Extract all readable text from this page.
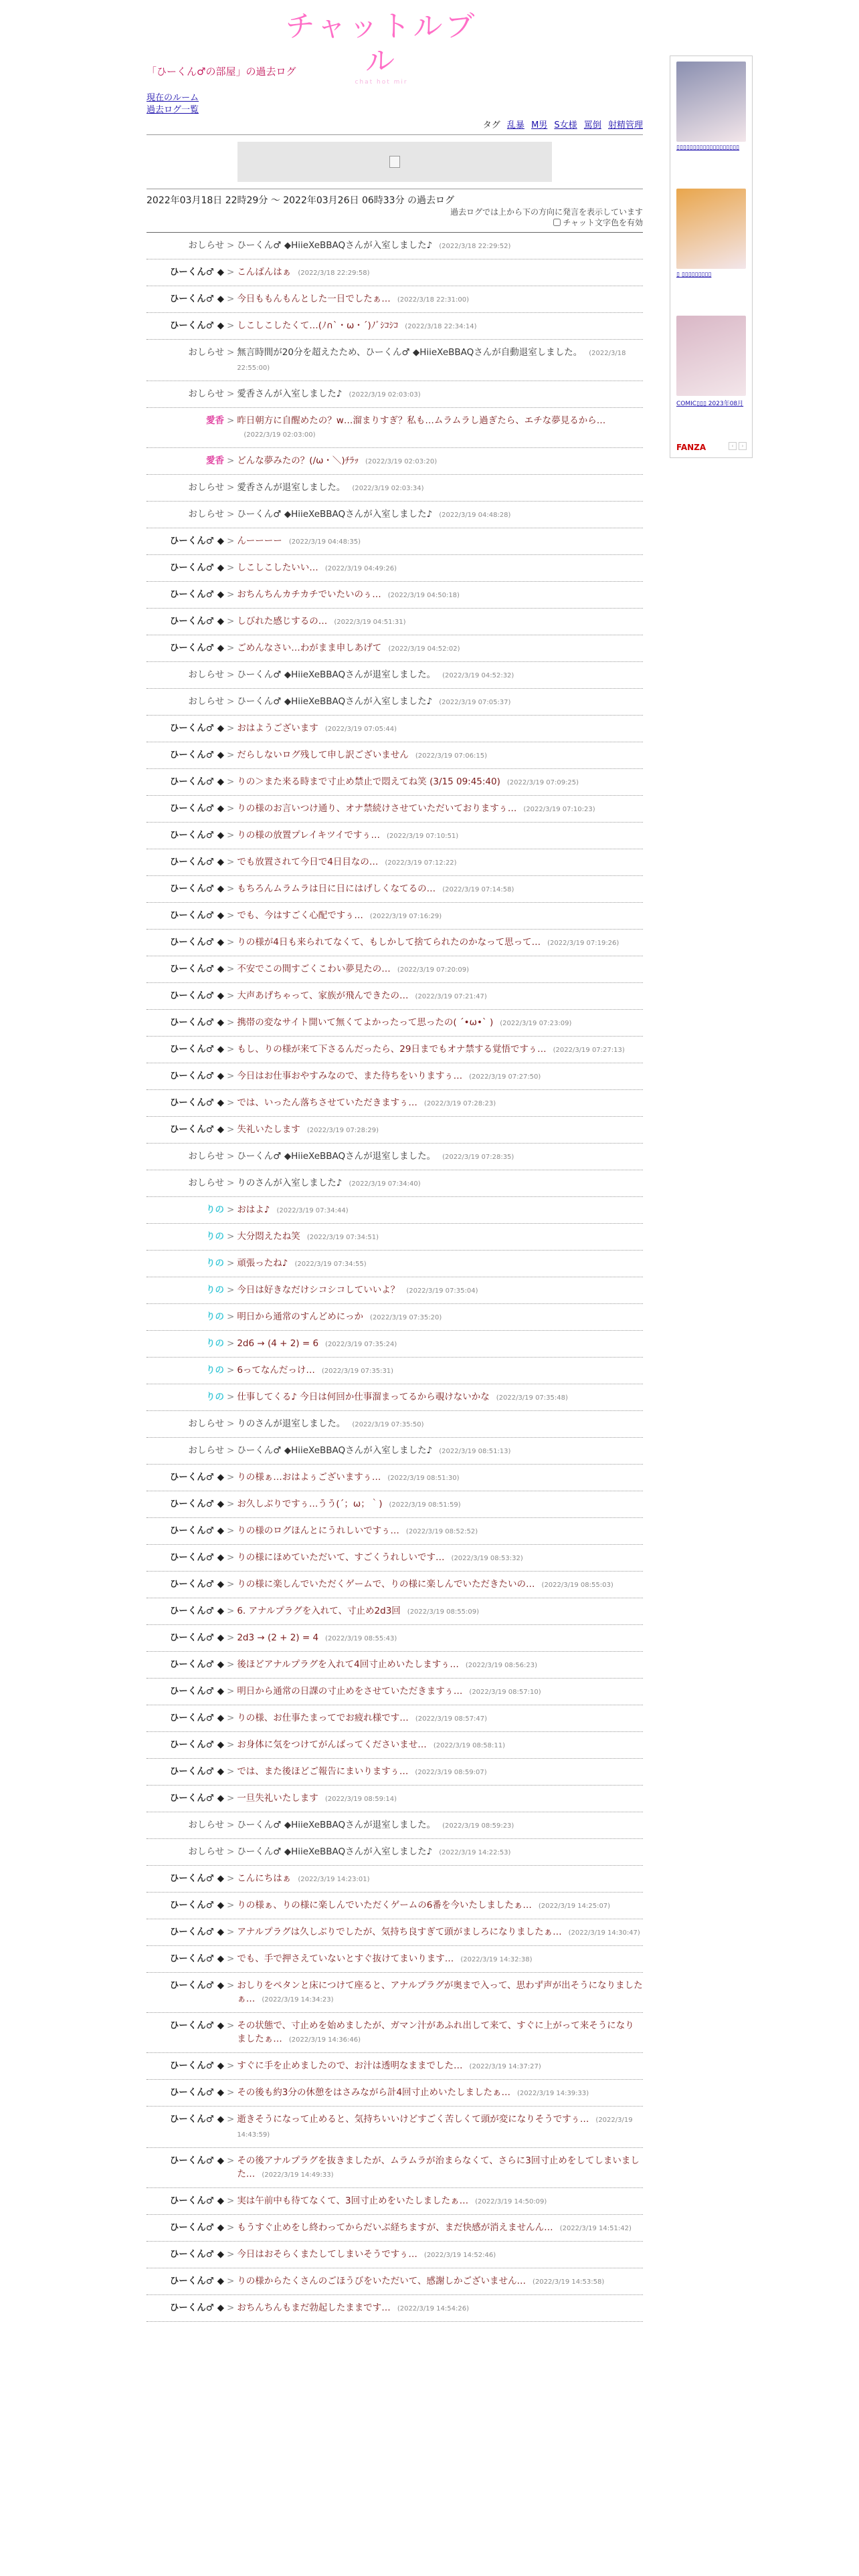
チャットルブル
chat hot mir
「ひーくん♂の部屋」の過去ログ
現在のルーム
過去ログ一覧
タグ 乱暴 M男 S女様 罵倒 射精管理
2022年03月18日 22時29分 〜 2022年03月26日 06時33分 の過去ログ
過去ログでは上から下の方向に発言を表示しています
チャット文字色を有効
おしらせ > ひーくん♂ ◆HiieXeBBAQさんが入室しました♪ (2022/3/18 22:29:52)
ひーくん♂ ◆ > こんばんはぁ (2022/3/18 22:29:58)
ひーくん♂ ◆ > 今日ももんもんとした一日でしたぁ… (2022/3/18 22:31:00)
ひーくん♂ ◆ > しこしこしたくて…(ﾉ∩`・ω・´)ﾉﾞｼｺｼｺ (2022/3/18 22:34:14)
おしらせ > 無言時間が20分を超えたため、ひーくん♂ ◆HiieXeBBAQさんが自動退室しました。 (2022/3/18 22:55:00)
おしらせ > 愛香さんが入室しました♪ (2022/3/19 02:03:03)
愛香 > 昨日朝方に自醒めたの？w…溜まりすぎ？私も…ムラムラし過ぎたら、エチな夢見るから…(2022/3/19 02:03:00)
愛香 > どんな夢みたの？(/ω・＼)ﾁﾗｯ (2022/3/19 02:03:20)
おしらせ > 愛香さんが退室しました。 (2022/3/19 02:03:34)
おしらせ > ひーくん♂ ◆HiieXeBBAQさんが入室しました♪ (2022/3/19 04:48:28)
ひーくん♂ ◆ > んーーーー (2022/3/19 04:48:35)
ひーくん♂ ◆ > しこしこしたいい… (2022/3/19 04:49:26)
ひーくん♂ ◆ > おちんちんカチカチでいたいのぅ… (2022/3/19 04:50:18)
ひーくん♂ ◆ > しびれた感じするの… (2022/3/19 04:51:31)
ひーくん♂ ◆ > ごめんなさい…わがまま申しあげて (2022/3/19 04:52:02)
おしらせ > ひーくん♂ ◆HiieXeBBAQさんが退室しました。 (2022/3/19 04:52:32)
おしらせ > ひーくん♂ ◆HiieXeBBAQさんが入室しました♪ (2022/3/19 07:05:37)
ひーくん♂ ◆ > おはようございます (2022/3/19 07:05:44)
ひーくん♂ ◆ > だらしないログ残して申し訳ございません (2022/3/19 07:06:15)
ひーくん♂ ◆ > りの＞また来る時まで寸止め禁止で悶えてね笑 (3/15 09:45:40) (2022/3/19 07:09:25)
ひーくん♂ ◆ > りの様のお言いつけ通り、オナ禁続けさせていただいておりますぅ… (2022/3/19 07:10:23)
ひーくん♂ ◆ > りの様の放置プレイキツイですぅ… (2022/3/19 07:10:51)
ひーくん♂ ◆ > でも放置されて今日で4日目なの… (2022/3/19 07:12:22)
ひーくん♂ ◆ > もちろんムラムラは日に日にはげしくなてるの… (2022/3/19 07:14:58)
ひーくん♂ ◆ > でも、今はすごく心配ですぅ… (2022/3/19 07:16:29)
ひーくん♂ ◆ > りの様が4日も来られてなくて、もしかして捨てられたのかなって思って… (2022/3/19 07:19:26)
ひーくん♂ ◆ > 不安でこの間すごくこわい夢見たの… (2022/3/19 07:20:09)
ひーくん♂ ◆ > 大声あげちゃって、家族が飛んできたの… (2022/3/19 07:21:47)
ひーくん♂ ◆ > 携帯の変なサイト開いて無くてよかったって思ったの( ´•ω•` ) (2022/3/19 07:23:09)
ひーくん♂ ◆ > もし、りの様が来て下さるんだったら、29日までもオナ禁する覚悟ですぅ… (2022/3/19 07:27:13)
ひーくん♂ ◆ > 今日はお仕事おやすみなので、また待ちをいりますぅ… (2022/3/19 07:27:50)
ひーくん♂ ◆ > では、いったん落ちさせていただきますぅ… (2022/3/19 07:28:23)
ひーくん♂ ◆ > 失礼いたします (2022/3/19 07:28:29)
おしらせ > ひーくん♂ ◆HiieXeBBAQさんが退室しました。 (2022/3/19 07:28:35)
おしらせ > りのさんが入室しました♪ (2022/3/19 07:34:40)
りの > おはよ♪ (2022/3/19 07:34:44)
りの > 大分悶えたね笑 (2022/3/19 07:34:51)
りの > 頑張ったね♪ (2022/3/19 07:34:55)
りの > 今日は好きなだけシコシコしていいよ？ (2022/3/19 07:35:04)
りの > 明日から通常のすんどめにっか (2022/3/19 07:35:20)
りの > 2d6 → (4 + 2) = 6 (2022/3/19 07:35:24)
りの > 6ってなんだっけ… (2022/3/19 07:35:31)
りの > 仕事してくる♪ 今日は何回か仕事溜まってるから覗けないかな (2022/3/19 07:35:48)
おしらせ > りのさんが退室しました。 (2022/3/19 07:35:50)
おしらせ > ひーくん♂ ◆HiieXeBBAQさんが入室しました♪ (2022/3/19 08:51:13)
ひーくん♂ ◆ > りの様ぁ…おはよぅございますぅ… (2022/3/19 08:51:30)
ひーくん♂ ◆ > お久しぶりですぅ…うう(´；ω；｀) (2022/3/19 08:51:59)
ひーくん♂ ◆ > りの様のログほんとにうれしいですぅ… (2022/3/19 08:52:52)
ひーくん♂ ◆ > りの様にほめていただいて、すごくうれしいです… (2022/3/19 08:53:32)
ひーくん♂ ◆ > りの様に楽しんでいただくゲームで、りの様に楽しんでいただきたいの… (2022/3/19 08:55:03)
ひーくん♂ ◆ > 6. アナルプラグを入れて、寸止め2d3回 (2022/3/19 08:55:09)
ひーくん♂ ◆ > 2d3 → (2 + 2) = 4 (2022/3/19 08:55:43)
ひーくん♂ ◆ > 後ほどアナルプラグを入れて4回寸止めいたしますぅ… (2022/3/19 08:56:23)
ひーくん♂ ◆ > 明日から通常の日課の寸止めをさせていただきますぅ… (2022/3/19 08:57:10)
ひーくん♂ ◆ > りの様、お仕事たまってでお疲れ様です… (2022/3/19 08:57:47)
ひーくん♂ ◆ > お身体に気をつけてがんばってくださいませ… (2022/3/19 08:58:11)
ひーくん♂ ◆ > では、また後ほどご報告にまいりますぅ… (2022/3/19 08:59:07)
ひーくん♂ ◆ > 一旦失礼いたします (2022/3/19 08:59:14)
おしらせ > ひーくん♂ ◆HiieXeBBAQさんが退室しました。 (2022/3/19 08:59:23)
おしらせ > ひーくん♂ ◆HiieXeBBAQさんが入室しました♪ (2022/3/19 14:22:53)
ひーくん♂ ◆ > こんにちはぁ (2022/3/19 14:23:01)
ひーくん♂ ◆ > りの様ぁ、りの様に楽しんでいただくゲームの6番を今いたしましたぁ… (2022/3/19 14:25:07)
ひーくん♂ ◆ > アナルプラグは久しぶりでしたが、気持ち良すぎて頭がましろになりましたぁ… (2022/3/19 14:30:47)
ひーくん♂ ◆ > でも、手で押さえていないとすぐ抜けてまいります… (2022/3/19 14:32:38)
ひーくん♂ ◆ > おしりをペタンと床につけて座ると、アナルプラグが奥まで入って、思わず声が出そうになりましたぁ… (2022/3/19 14:34:23)
ひーくん♂ ◆ > その状態で、寸止めを始めましたが、ガマン汁があふれ出して来て、すぐに上がって来そうになりましたぁ… (2022/3/19 14:36:46)
ひーくん♂ ◆ > すぐに手を止めましたので、お汁は透明なままでした… (2022/3/19 14:37:27)
ひーくん♂ ◆ > その後も約3分の休憩をはさみながら計4回寸止めいたしましたぁ… (2022/3/19 14:39:33)
ひーくん♂ ◆ > 逝きそうになって止めると、気持ちいいけどすごく苦しくて頭が変になりそうですぅ… (2022/3/19 14:43:59)
ひーくん♂ ◆ > その後アナルプラグを抜きましたが、ムラムラが治まらなくて、さらに3回寸止めをしてしまいました… (2022/3/19 14:49:33)
ひーくん♂ ◆ > 実は午前中も待てなくて、3回寸止めをいたしましたぁ… (2022/3/19 14:50:09)
ひーくん♂ ◆ > もうすぐ止めをし終わってからだいぶ経ちますが、まだ快感が消えませんん… (2022/3/19 14:51:42)
ひーくん♂ ◆ > 今日はおそらくまたしてしまいそうですぅ… (2022/3/19 14:52:46)
ひーくん♂ ◆ > りの様からたくさんのごほうびをいただいて、感謝しかございません… (2022/3/19 14:53:58)
ひーくん♂ ◆ > おちんちんもまだ勃起したままです… (2022/3/19 14:54:26)
▯▯▯▯▯▯▯▯▯▯▯▯▯▯▯▯▯▯▯
▯ ▯▯▯▯▯▯▯▯▯
COMIC▯▯▯ 2023年08月
FANZA	‹	›
